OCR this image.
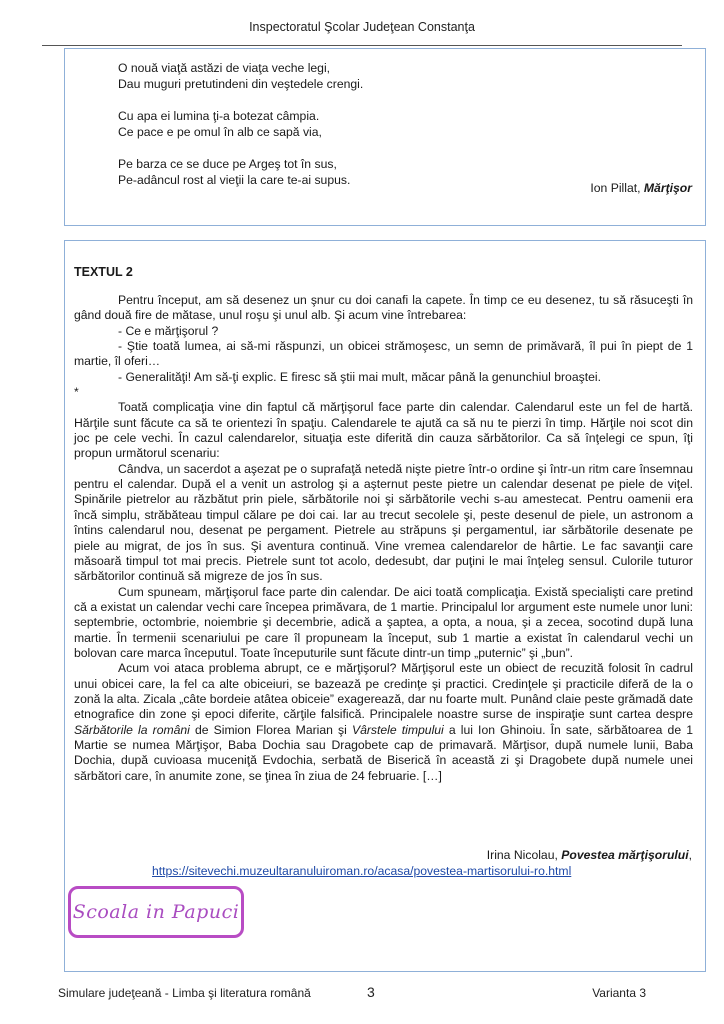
Inspectoratul Şcolar Judeţean Constanţa
O nouă viaţă astăzi de viaţa veche legi,
Dau muguri pretutindeni din veştedele crengi.
Cu apa ei lumina ţi-a botezat câmpia.
Ce pace e pe omul în alb ce sapă via,
Pe barza ce se duce pe Argeş tot în sus,
Pe-adâncul rost al vieţii la care te-ai supus.
Ion Pillat, Mărţişor
TEXTUL 2

Pentru început, am să desenez un şnur cu doi canafi la capete. În timp ce eu desenez, tu să răsuceşti în gând două fire de mătase, unul roşu şi unul alb. Şi acum vine întrebarea:

- Ce e mărţişorul ?

- Ştie toată lumea, ai să-mi răspunzi, un obicei strămoşesc, un semn de primăvară, îl pui în piept de 1 martie, îl oferi…

- Generalităţi! Am să-ţi explic. E firesc să ştii mai mult, măcar până la genunchiul broaştei.

*

Toată complicaţia vine din faptul că mărţişorul face parte din calendar. Calendarul este un fel de hartă. Hărţile sunt făcute ca să te orientezi în spaţiu. Calendarele te ajută ca să nu te pierzi în timp. Hărţile noi scot din joc pe cele vechi. În cazul calendarelor, situaţia este diferită din cauza sărbătorilor. Ca să înţelegi ce spun, îţi propun următorul scenariu:

Cândva, un sacerdot a aşezat pe o suprafaţă netedă nişte pietre într-o ordine şi într-un ritm care însemnau pentru el calendar. După el a venit un astrolog şi a aşternut peste pietre un calendar desenat pe piele de viţel. Spinările pietrelor au răzbătut prin piele, sărbătorile noi şi sărbătorile vechi s-au amestecat. Pentru oamenii era încă simplu, străbăteau timpul călare pe doi cai. Iar au trecut secolele şi, peste desenul de piele, un astronom a întins calendarul nou, desenat pe pergament. Pietrele au străpuns şi pergamentul, iar sărbătorile desenate pe piele au migrat, de jos în sus. Şi aventura continuă. Vine vremea calendarelor de hârtie. Le fac savanţii care măsoară timpul tot mai precis. Pietrele sunt tot acolo, dedesubt, dar puţini le mai înţeleg sensul. Culorile tuturor sărbătorilor continuă să migreze de jos în sus.

Cum spuneam, mărţişorul face parte din calendar. De aici toată complicaţia. Există specialişti care pretind că a existat un calendar vechi care începea primăvara, de 1 martie. Principalul lor argument este numele unor luni: septembrie, octombrie, noiembrie şi decembrie, adică a şaptea, a opta, a noua, şi a zecea, socotind după luna martie. În termenii scenariului pe care îl propuneam la început, sub 1 martie a existat în calendarul vechi un bolovan care marca începutul. Toate începuturile sunt făcute dintr-un timp „puternic” şi „bun”.

Acum voi ataca problema abrupt, ce e mărţişorul? Mărţişorul este un obiect de recuzită folosit în cadrul unui obicei care, la fel ca alte obiceiuri, se bazează pe credinţe şi practici. Credinţele şi practicile diferă de la o zonă la alta. Zicala „câte bordeie atâtea obiceie” exagerează, dar nu foarte mult. Punând claie peste grămadă date etnografice din zone şi epoci diferite, cărţile falsifică. Principalele noastre surse de inspiraţie sunt cartea despre Sărbătorile la români de Simion Florea Marian şi Vârstele timpului a lui Ion Ghinoiu. În sate, sărbătoarea de 1 Martie se numea Mărţişor, Baba Dochia sau Dragobete cap de primavară. Mărţisor, după numele lunii, Baba Dochia, după cuvioasa muceniţă Evdochia, serbată de Biserică în această zi şi Dragobete după numele unei sărbători care, în anumite zone, se ţinea în ziua de 24 februarie. […]

Irina Nicolau, Povestea mărţişorului,
https://sitevechi.muzeultaranuluiroman.ro/acasa/povestea-martisorului-ro.html
Scoala in Papuci
Simulare judeţeană - Limba şi literatura română	3	Varianta 3
